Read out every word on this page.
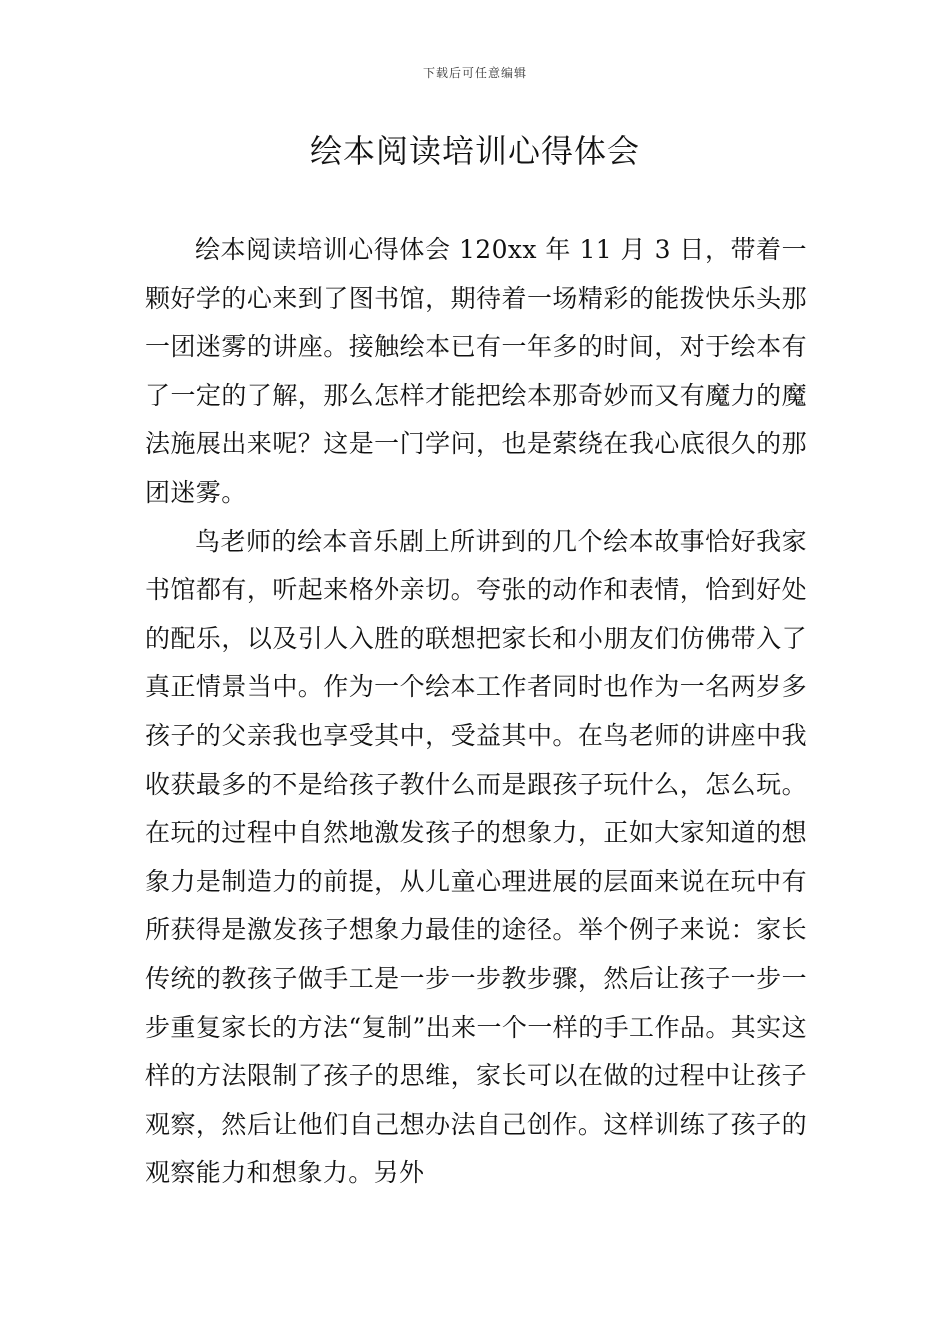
下载后可任意编辑
绘本阅读培训心得体会

绘本阅读培训心得体会 120xx 年 11 月 3 日，带着一颗好学的心来到了图书馆，期待着一场精彩的能拨快乐头那一团迷雾的讲座。接触绘本已有一年多的时间，对于绘本有了一定的了解，那么怎样才能把绘本那奇妙而又有魔力的魔法施展出来呢？这是一门学问，也是萦绕在我心底很久的那团迷雾。

鸟老师的绘本音乐剧上所讲到的几个绘本故事恰好我家书馆都有，听起来格外亲切。夸张的动作和表情，恰到好处的配乐，以及引人入胜的联想把家长和小朋友们仿佛带入了真正情景当中。作为一个绘本工作者同时也作为一名两岁多孩子的父亲我也享受其中，受益其中。在鸟老师的讲座中我收获最多的不是给孩子教什么而是跟孩子玩什么，怎么玩。在玩的过程中自然地激发孩子的想象力，正如大家知道的想象力是制造力的前提，从儿童心理进展的层面来说在玩中有所获得是激发孩子想象力最佳的途径。举个例子来说：家长传统的教孩子做手工是一步一步教步骤，然后让孩子一步一步重复家长的方法“复制”出来一个一样的手工作品。其实这样的方法限制了孩子的思维，家长可以在做的过程中让孩子观察，然后让他们自己想办法自己创作。这样训练了孩子的观察能力和想象力。另外
